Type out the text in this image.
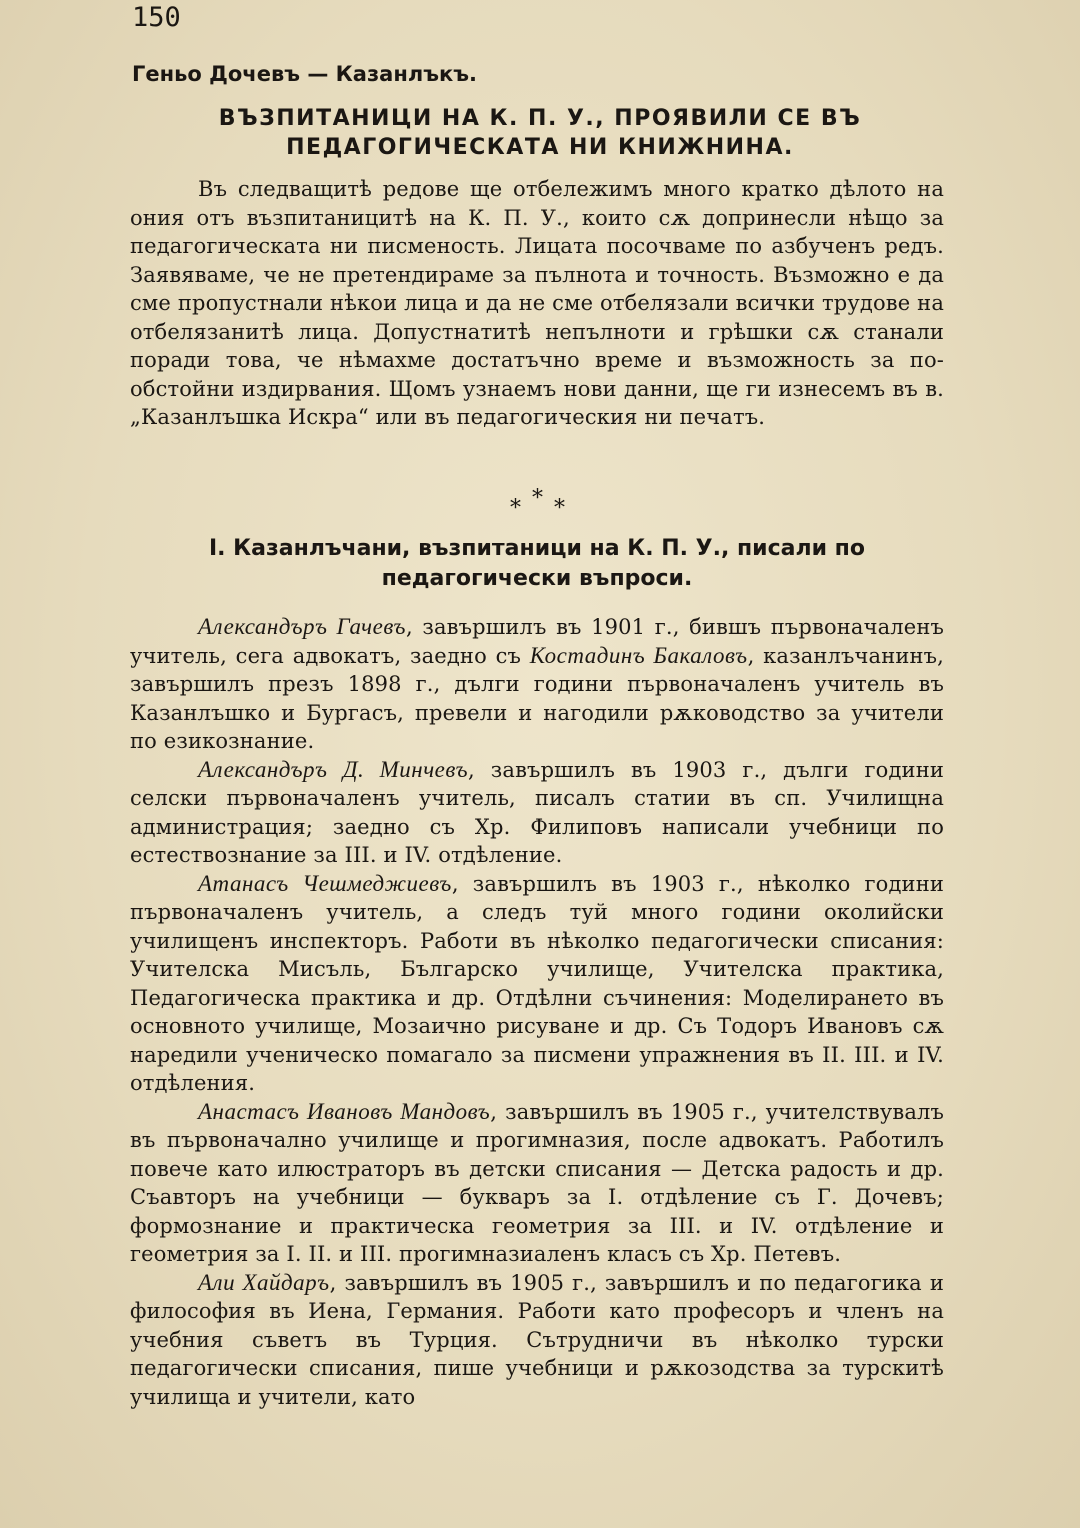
150
Геньо Дочевъ — Казанлъкъ.
ВЪЗПИТАНИЦИ НА К. П. У., ПРОЯВИЛИ СЕ ВЪ ПЕДАГОГИЧЕСКАТА НИ КНИЖНИНА.

Въ следващитѣ редове ще отбележимъ много кратко дѣлото на ония отъ възпитаницитѣ на К. П. У., които сѫ допринесли нѣщо за педагогическата ни писменость. Лицата посочваме по азбученъ редъ. Заявяваме, че не претендираме за пълнота и точность. Възможно е да сме пропустнали нѣкои лица и да не сме отбелязали всички трудове на отбелязанитѣ лица. Допустнатитѣ непълноти и грѣшки сѫ станали поради това, че нѣмахме достатъчно време и възможность за по-обстойни издирвания. Щомъ узнаемъ нови данни, ще ги изнесемъ въ в. „Казанлъшка Искра“ или въ педагогическия ни печатъ.

* * *
I. Казанлъчани, възпитаници на К. П. У., писали по педагогически въпроси.

Александъръ Гачевъ, завършилъ въ 1901 г., бившъ първоначаленъ учитель, сега адвокатъ, заедно съ Костадинъ Бакаловъ, казанлъчанинъ, завършилъ презъ 1898 г., дълги години първоначаленъ учитель въ Казанлъшко и Бургасъ, превели и нагодили рѫководство за учители по езикознание.

Александъръ Д. Минчевъ, завършилъ въ 1903 г., дълги години селски първоначаленъ учитель, писалъ статии въ сп. Училищна администрация; заедно съ Хр. Филиповъ написали учебници по естествознание за III. и IV. отдѣление.

Атанасъ Чешмеджиевъ, завършилъ въ 1903 г., нѣколко години първоначаленъ учитель, а следъ туй много години околийски училищенъ инспекторъ. Работи въ нѣколко педагогически списания: Учителска Мисъль, Българско училище, Учителска практика, Педагогическа практика и др. Отдѣлни съчинения: Моделирането въ основното училище, Мозаично рисуване и др. Съ Тодоръ Ивановъ сѫ наредили ученическо помагало за писмени упражнения въ II. III. и IV. отдѣления.

Анастасъ Ивановъ Мандовъ, завършилъ въ 1905 г., учителствувалъ въ първоначално училище и прогимназия, после адвокатъ. Работилъ повече като илюстраторъ въ детски списания — Детска радость и др. Съавторъ на учебници — букваръ за I. отдѣление съ Г. Дочевъ; формознание и практическа геометрия за III. и IV. отдѣление и геометрия за I. II. и III. прогимназиаленъ класъ съ Хр. Петевъ.

Али Хайдаръ, завършилъ въ 1905 г., завършилъ и по педагогика и философия въ Иена, Германия. Работи като професоръ и членъ на учебния съветъ въ Турция. Сътрудничи въ нѣколко турски педагогически списания, пише учебници и рѫкозодства за турскитѣ училища и учители, като
